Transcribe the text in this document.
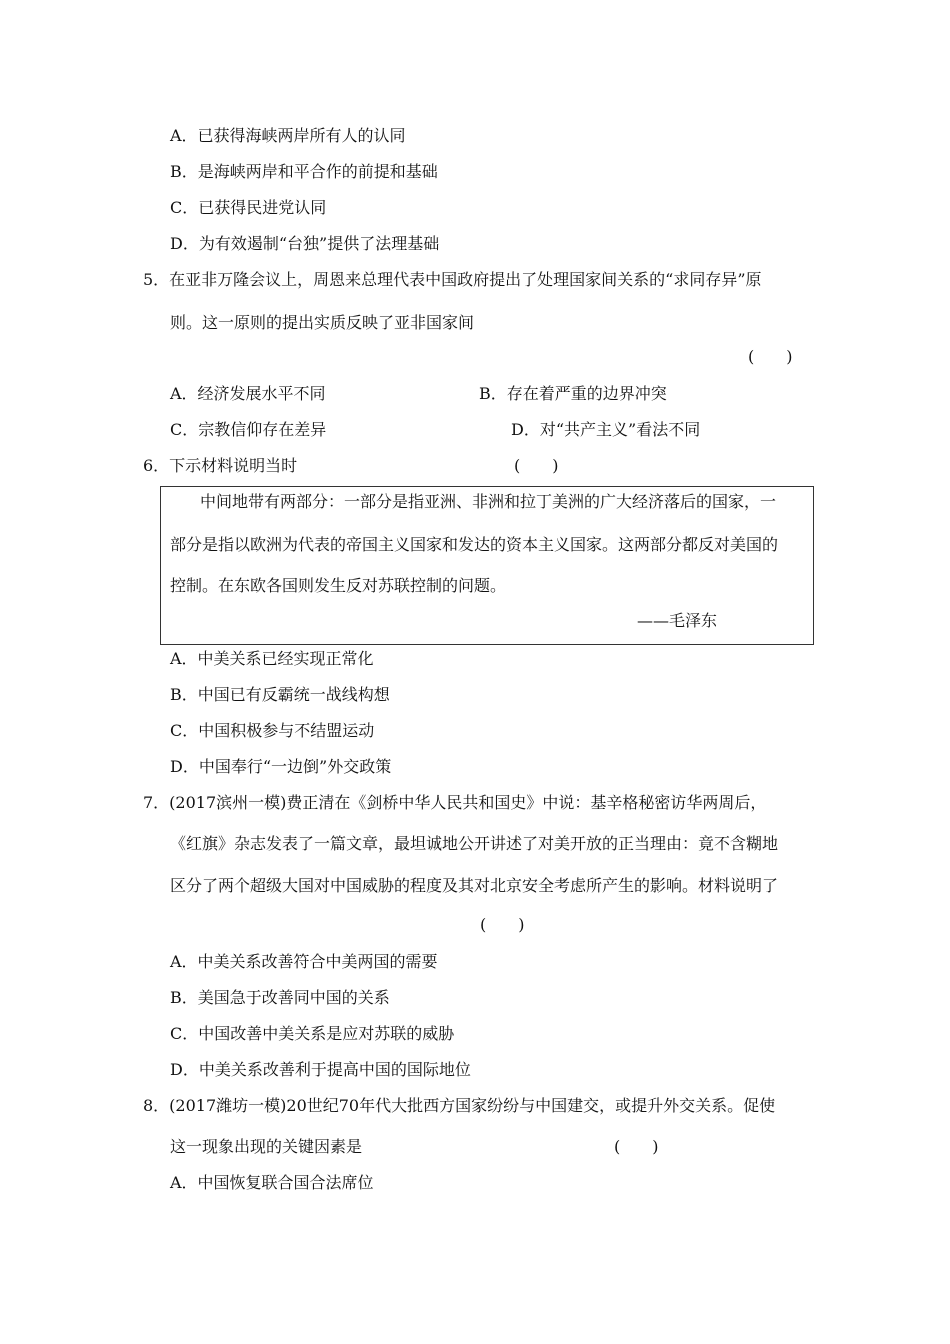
A．已获得海峡两岸所有人的认同
B．是海峡两岸和平合作的前提和基础
C．已获得民进党认同
D．为有效遏制“台独”提供了法理基础
5．在亚非万隆会议上，周恩来总理代表中国政府提出了处理国家间关系的“求同存异”原
则。这一原则的提出实质反映了亚非国家间
(　　)
A．经济发展水平不同	B．存在着严重的边界冲突
C．宗教信仰存在差异	D．对“共产主义”看法不同
6．下示材料说明当时	(　　)
中间地带有两部分：一部分是指亚洲、非洲和拉丁美洲的广大经济落后的国家，一
部分是指以欧洲为代表的帝国主义国家和发达的资本主义国家。这两部分都反对美国的
控制。在东欧各国则发生反对苏联控制的问题。
——毛泽东
A．中美关系已经实现正常化
B．中国已有反霸统一战线构想
C．中国积极参与不结盟运动
D．中国奉行“一边倒”外交政策
7．(2017滨州一模)费正清在《剑桥中华人民共和国史》中说：基辛格秘密访华两周后，
《红旗》杂志发表了一篇文章，最坦诚地公开讲述了对美开放的正当理由：竟不含糊地
区分了两个超级大国对中国威胁的程度及其对北京安全考虑所产生的影响。材料说明了
(　　)
A．中美关系改善符合中美两国的需要
B．美国急于改善同中国的关系
C．中国改善中美关系是应对苏联的威胁
D．中美关系改善利于提高中国的国际地位
8．(2017潍坊一模)20世纪70年代大批西方国家纷纷与中国建交，或提升外交关系。促使
这一现象出现的关键因素是	(　　)
A．中国恢复联合国合法席位
